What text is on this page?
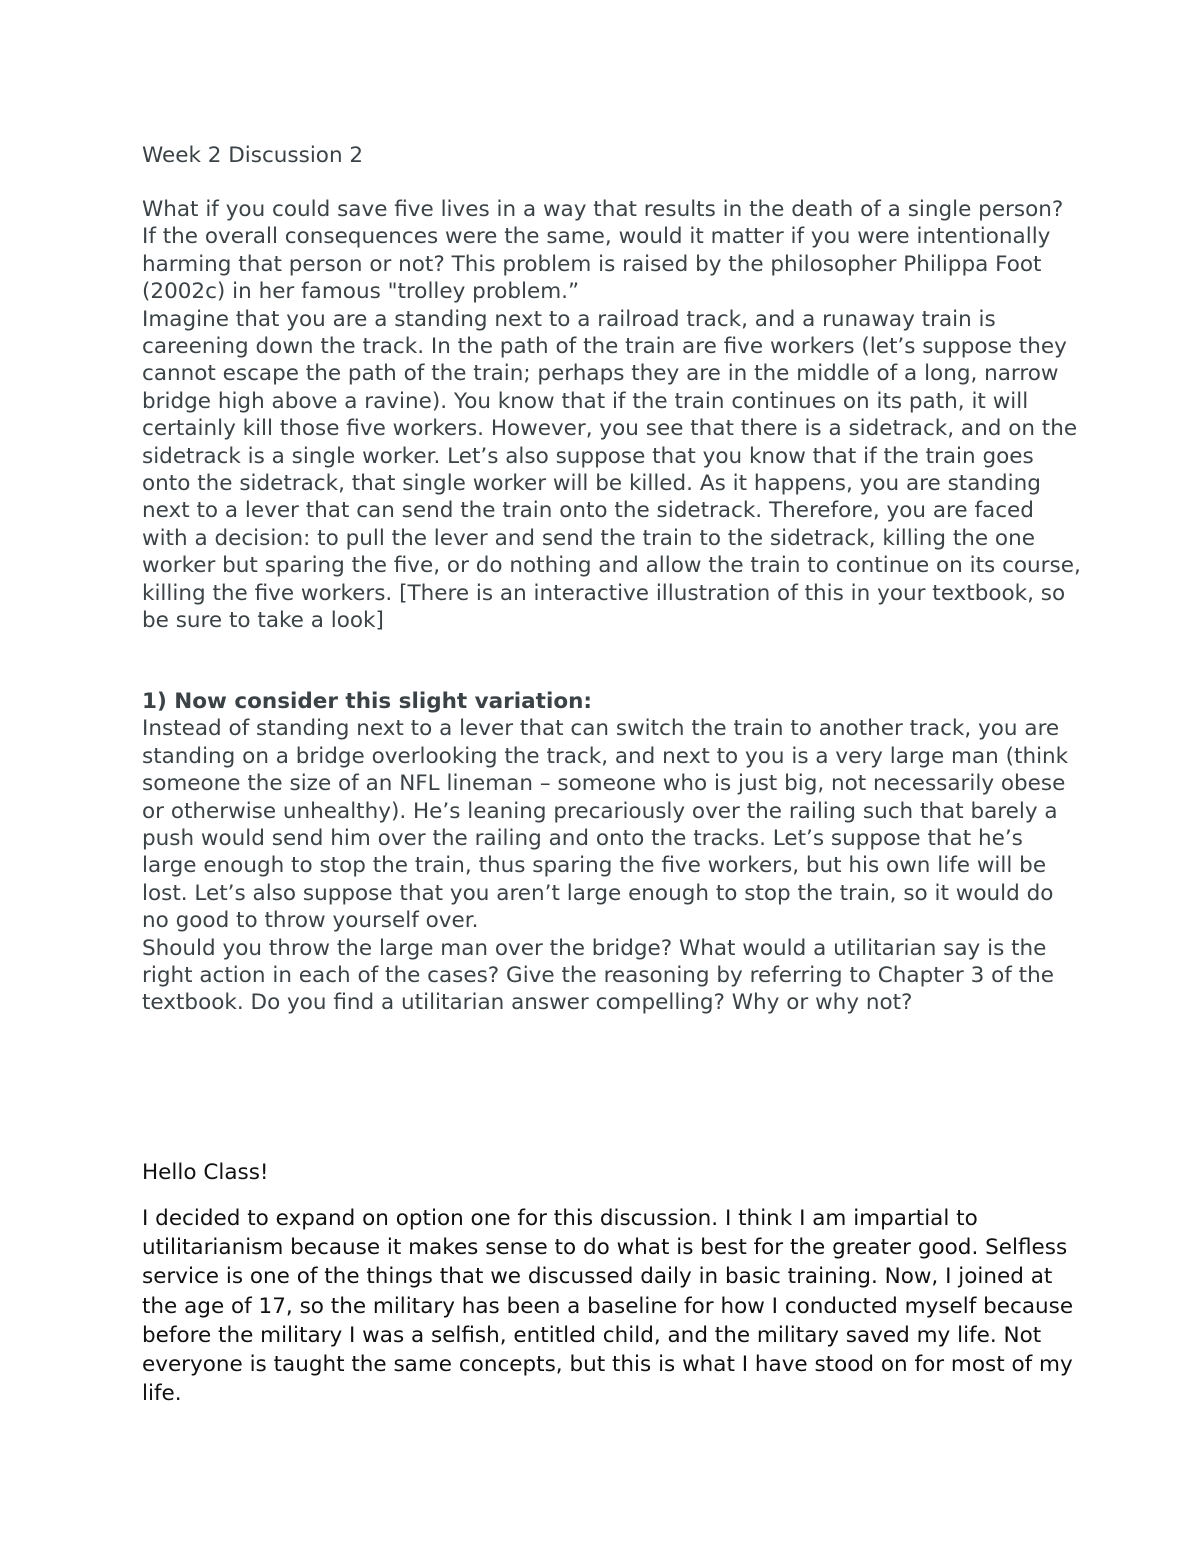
Week 2 Discussion 2

What if you could save five lives in a way that results in the death of a single person? If the overall consequences were the same, would it matter if you were intentionally harming that person or not? This problem is raised by the philosopher Philippa Foot (2002c) in her famous "trolley problem.”

Imagine that you are a standing next to a railroad track, and a runaway train is careening down the track. In the path of the train are five workers (let’s suppose they cannot escape the path of the train; perhaps they are in the middle of a long, narrow bridge high above a ravine). You know that if the train continues on its path, it will certainly kill those five workers. However, you see that there is a sidetrack, and on the sidetrack is a single worker. Let’s also suppose that you know that if the train goes onto the sidetrack, that single worker will be killed. As it happens, you are standing next to a lever that can send the train onto the sidetrack. Therefore, you are faced with a decision: to pull the lever and send the train to the sidetrack, killing the one worker but sparing the five, or do nothing and allow the train to continue on its course, killing the five workers. [There is an interactive illustration of this in your textbook, so be sure to take a look]

1) Now consider this slight variation:

Instead of standing next to a lever that can switch the train to another track, you are standing on a bridge overlooking the track, and next to you is a very large man (think someone the size of an NFL lineman – someone who is just big, not necessarily obese or otherwise unhealthy). He’s leaning precariously over the railing such that barely a push would send him over the railing and onto the tracks. Let’s suppose that he’s large enough to stop the train, thus sparing the five workers, but his own life will be lost. Let’s also suppose that you aren’t large enough to stop the train, so it would do no good to throw yourself over.

Should you throw the large man over the bridge? What would a utilitarian say is the right action in each of the cases? Give the reasoning by referring to Chapter 3 of the textbook. Do you find a utilitarian answer compelling? Why or why not?

Hello Class!

I decided to expand on option one for this discussion. I think I am impartial to utilitarianism because it makes sense to do what is best for the greater good. Selfless service is one of the things that we discussed daily in basic training. Now, I joined at the age of 17, so the military has been a baseline for how I conducted myself because before the military I was a selfish, entitled child, and the military saved my life. Not everyone is taught the same concepts, but this is what I have stood on for most of my life.
